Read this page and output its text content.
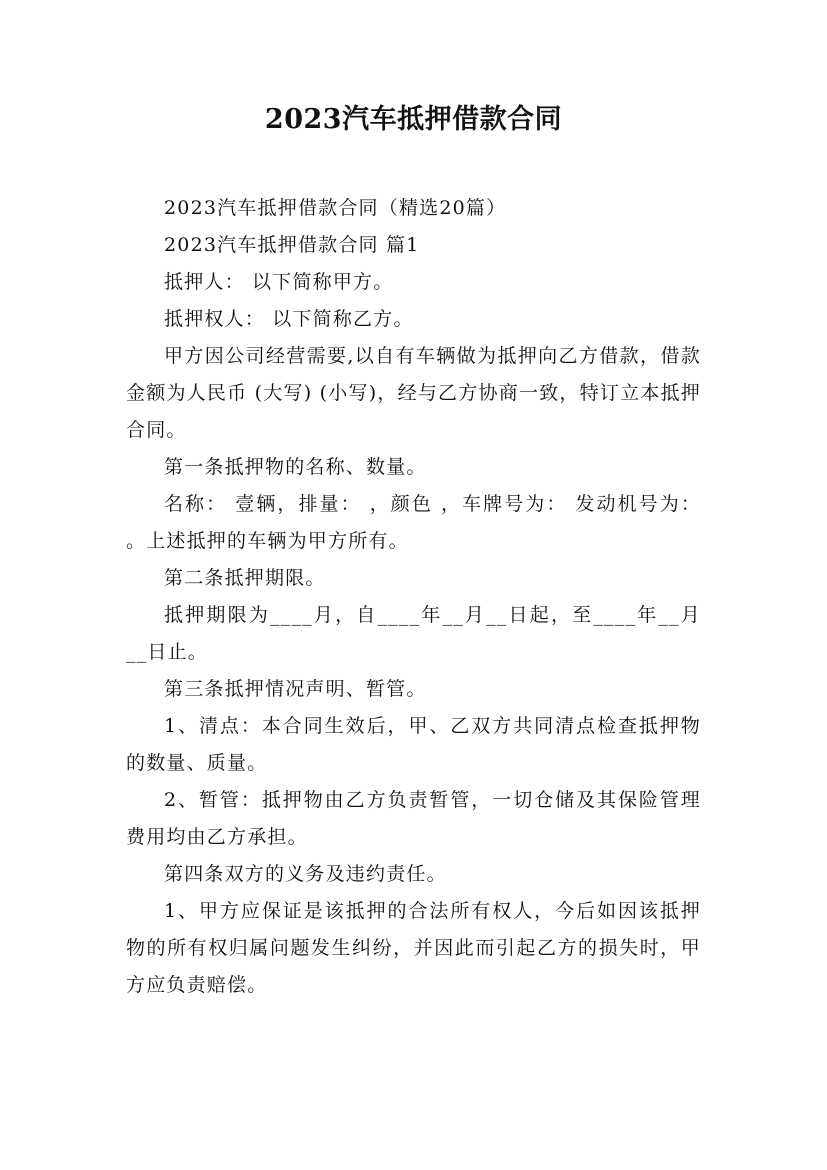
2023汽车抵押借款合同

2023汽车抵押借款合同（精选20篇）

2023汽车抵押借款合同 篇1

抵押人： 以下简称甲方。

抵押权人： 以下简称乙方。

甲方因公司经营需要,以自有车辆做为抵押向乙方借款，借款金额为人民币 (大写) (小写)，经与乙方协商一致，特订立本抵押合同。

第一条抵押物的名称、数量。

名称： 壹辆，排量： ，颜色 ，车牌号为： 发动机号为： 。上述抵押的车辆为甲方所有。

第二条抵押期限。

抵押期限为____月，自____年__月__日起，至____年__月__日止。

第三条抵押情况声明、暂管。

1、清点：本合同生效后，甲、乙双方共同清点检查抵押物的数量、质量。

2、暂管：抵押物由乙方负责暂管，一切仓储及其保险管理费用均由乙方承担。

第四条双方的义务及违约责任。

1、甲方应保证是该抵押的合法所有权人，今后如因该抵押物的所有权归属问题发生纠纷，并因此而引起乙方的损失时，甲方应负责赔偿。
